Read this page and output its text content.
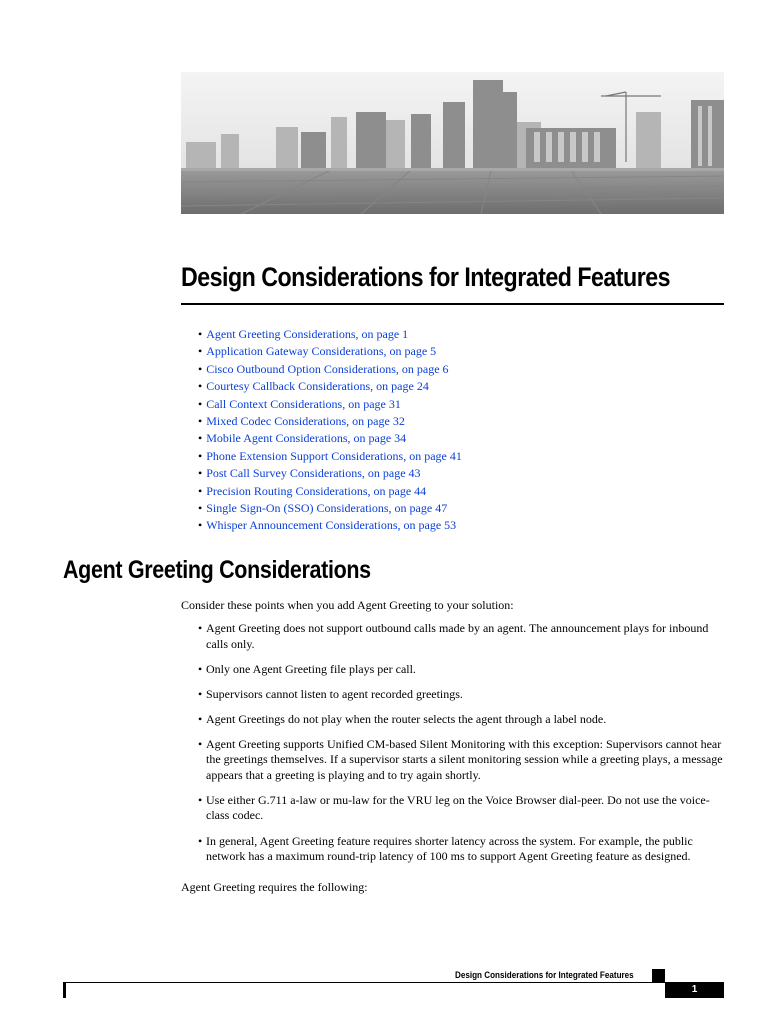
Design Considerations for Integrated Features
• Agent Greeting Considerations, on page 1
• Application Gateway Considerations, on page 5
• Cisco Outbound Option Considerations, on page 6
• Courtesy Callback Considerations, on page 24
• Call Context Considerations, on page 31
• Mixed Codec Considerations, on page 32
• Mobile Agent Considerations, on page 34
• Phone Extension Support Considerations, on page 41
• Post Call Survey Considerations, on page 43
• Precision Routing Considerations, on page 44
• Single Sign-On (SSO) Considerations, on page 47
• Whisper Announcement Considerations, on page 53
Agent Greeting Considerations

Consider these points when you add Agent Greeting to your solution:

• Agent Greeting does not support outbound calls made by an agent. The announcement plays for inbound calls only.
• Only one Agent Greeting file plays per call.
• Supervisors cannot listen to agent recorded greetings.
• Agent Greetings do not play when the router selects the agent through a label node.
• Agent Greeting supports Unified CM-based Silent Monitoring with this exception: Supervisors cannot hear the greetings themselves. If a supervisor starts a silent monitoring session while a greeting plays, a message appears that a greeting is playing and to try again shortly.
• Use either G.711 a-law or mu-law for the VRU leg on the Voice Browser dial-peer. Do not use the voice-class codec.
• In general, Agent Greeting feature requires shorter latency across the system. For example, the public network has a maximum round-trip latency of 100 ms to support Agent Greeting feature as designed.

Agent Greeting requires the following:

Design Considerations for Integrated Features
1
